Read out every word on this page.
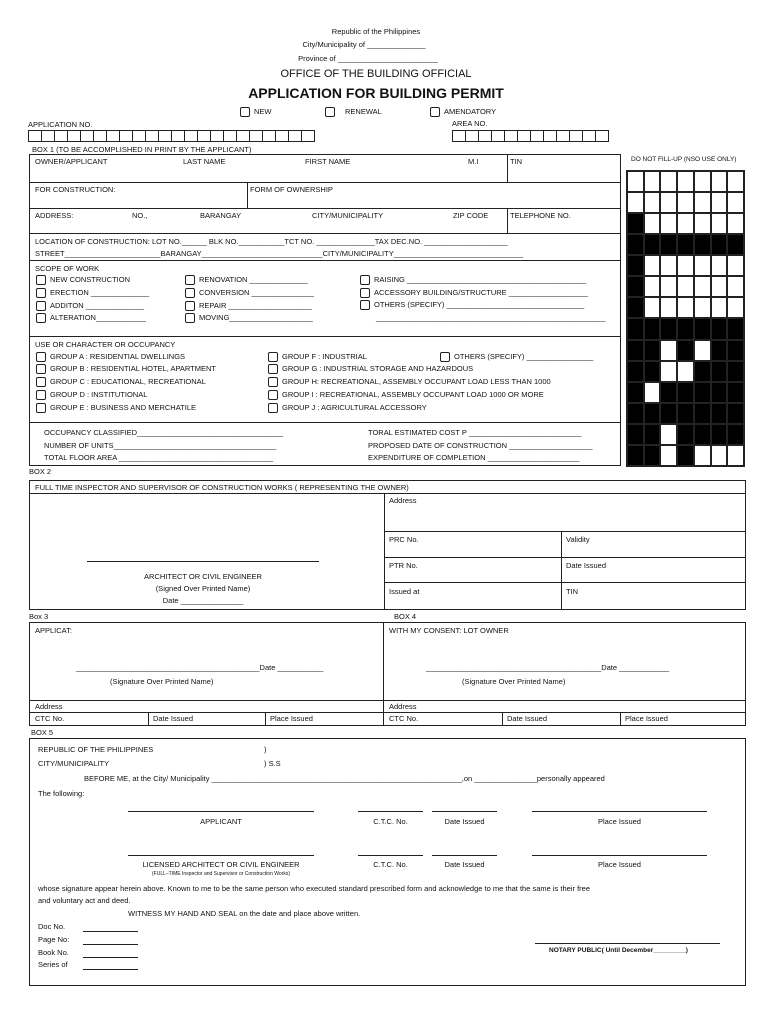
Republic of the Philippines
City/Municipality of ______________
Province of ________________________
OFFICE OF THE BUILDING OFFICIAL
APPLICATION FOR BUILDING PERMIT
NEW	RENEWAL	AMENDATORY
APPLICATION NO.	AREA NO.
BOX 1 (TO BE ACCOMPLISHED IN PRINT BY THE APPLICANT)
OWNER/APPLICANT	LAST NAME	FIRST NAME	M.I	TIN
FOR CONSTRUCTION:	FORM OF OWNERSHIP
ADDRESS:	NO.,	BARANGAY	CITY/MUNICIPALITY	ZIP CODE	TELEPHONE NO.
LOCATION OF CONSTRUCTION: LOT NO.______ BLK NO.___________TCT NO. ______________TAX DEC.NO. ____________________
STREET_______________________BARANGAY_____________________________CITY/MUNICIPALITY_______________________________
SCOPE OF WORK
NEW CONSTRUCTION
ERECTION ______________
ADDITON ______________
ALTERATION____________
RENOVATION ______________
CONVERSION _______________
REPAIR ____________________
MOVING____________________
RAISING ___________________________________________
ACCESSORY BUILDING/STRUCTURE ___________________
OTHERS (SPECIFY) _________________________________
_______________________________________________________
USE OR CHARACTER OR OCCUPANCY
GROUP A : RESIDENTIAL DWELLINGS
GROUP B : RESIDENTIAL HOTEL, APARTMENT
GROUP C : EDUCATIONAL, RECREATIONAL
GROUP D : INSTITUTIONAL
GROUP E : BUSINESS AND MERCHATILE
GROUP F : INDUSTRIAL
GROUP G : INDUSTRIAL STORAGE AND HAZARDOUS
GROUP H: RECREATIONAL, ASSEMBLY OCCUPANT LOAD LESS THAN 1000
GROUP I : RECREATIONAL, ASSEMBLY OCCUPANT LOAD 1000 OR MORE
GROUP J : AGRICULTURAL ACCESSORY
OTHERS (SPECIFY) ________________
OCCUPANCY CLASSIFIED___________________________________
NUMBER OF UNITS_______________________________________
TOTAL FLOOR AREA _____________________________________
TORAL ESTIMATED COST P ___________________________
PROPOSED DATE OF CONSTRUCTION ____________________
EXPENDITURE OF COMPLETION ______________________
DO NOT FILL-UP (NSO USE ONLY)
BOX 2
FULL TIME INSPECTOR AND SUPERVISOR OF CONSTRUCTION WORKS ( REPRESENTING THE OWNER)
Address
PRC No.	Validity
PTR No.	Date Issued
Issued at	TIN
ARCHITECT OR CIVIL ENGINEER
(Signed Over Printed Name)
Date _______________
Box 3	BOX 4
APPLICAT:	WITH MY CONSENT: LOT OWNER
____________________________________________Date ___________
(Signature Over Printed Name)
__________________________________________Date ____________
(Signature Over Printed Name)
Address	Address
CTC No.	Date Issued	Place Issued	CTC No.	Date Issued	Place Issued
BOX 5
REPUBLIC OF THE PHILIPPINES	)
CITY/MUNICIPALITY	) S.S
BEFORE ME, at the City/ Municipality ____________________________________________________________,on _______________personally appeared
The following:
APPLICANT	C.T.C. No.	Date Issued	Place Issued
LICENSED ARCHITECT OR CIVIL ENGINEER
(FULL–TIME Inspector and Supervisor or Construction Works)
C.T.C. No.	Date Issued	Place Issued
whose signature appear herein above. Known to me to be the same person who executed standard prescribed form and acknowledge to me that the same is their free
and voluntary act and deed.
WITNESS MY HAND AND SEAL on the date and place above written.
Doc No.
Page No:
Book No.
Series of
NOTARY PUBLIC( Until December_________)
